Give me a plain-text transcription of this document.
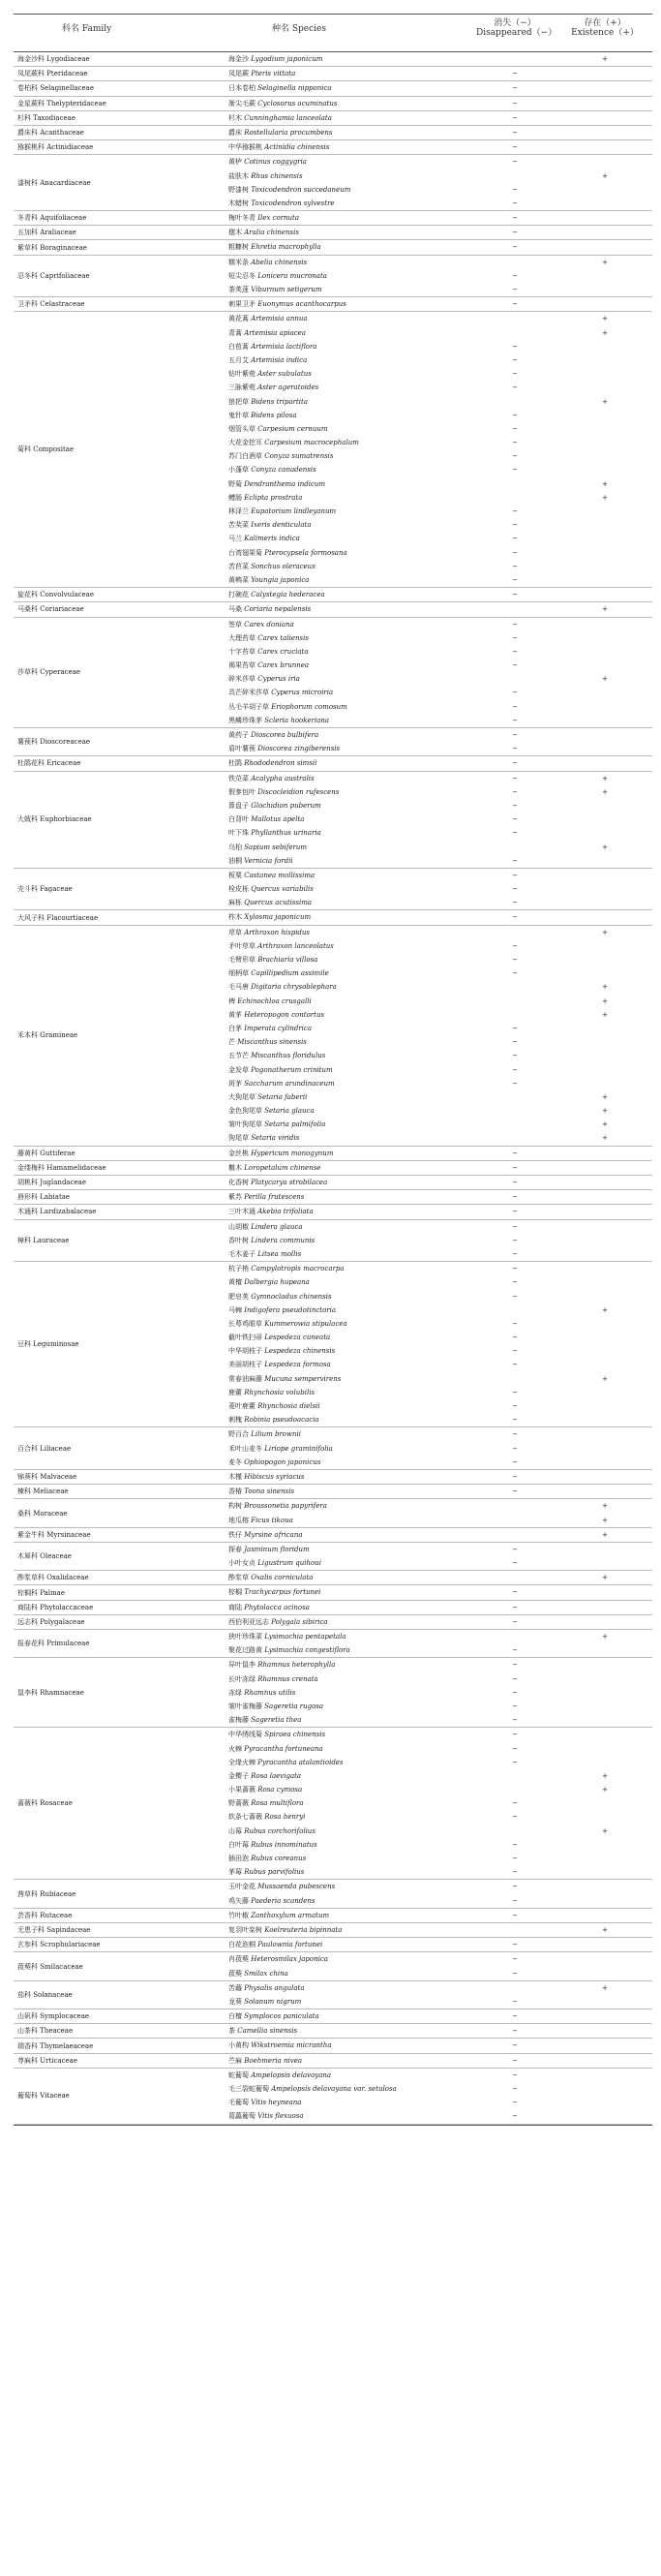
科名 Family	种名 Species
消失（−）
Disappeared（−）
存在（+）
Existence（+）
海金沙科 Lygodiaceae	海金沙 Lygodium japonicum	+
凤尾蕨科 Pteridaceae	凤尾蕨 Pteris vittata	−
卷柏科 Selaginellaceae	日本卷柏 Selaginella nipponica	−
金星蕨科 Thelypteridaceae	渐尖毛蕨 Cyclosorus acuminatus	−
杉科 Taxodiaceae	杉木 Cunninghamia lanceolata	−
爵床科 Acanthaceae	爵床 Rostellularia procumbens	−
猕猴桃科 Actinidiaceae	中华猕猴桃 Actinidia chinensis	−
漆树科 Anacardiaceae
黄栌 Cotinus coggygria	−
盐肤木 Rhus chinensis	+
野漆树 Toxicodendron succedaneum	−
木蜡树 Toxicodendron sylvestre	−
冬青科 Aquifoliaceae	梅叶冬青 Ilex cornuta	−
五加科 Araliaceae	楤木 Aralia chinensis	−
紫草科 Boraginaceae	粗糠树 Ehretia macrophylla	−
忍冬科 Caprifoliaceae
糯米条 Abelia chinensis	+
短尖忍冬 Lonicera mucronata	−
茶荚蒾 Viburnum setigerum	−
卫矛科 Celastraceae	刺果卫矛 Euonymus acanthocarpus	−
菊科 Compositae
黄花蒿 Artemisia annua	+
青蒿 Artemisia apiacea	+
白苞蒿 Artemisia lactiflora	−
五月艾 Artemisia indica	−
钻叶紫菀 Aster subulatus	−
三脉紫菀 Aster ageratoides	−
狼把草 Bidens tripartita	+
鬼针草 Bidens pilosa	−
烟管头草 Carpesium cernuum	−
大花金挖耳 Carpesium macrocephalum	−
苏门白酒草 Conyza sumatrensis	−
小蓬草 Conyza canadensis	−
野菊 Dendranthema indicum	+
鳢肠 Eclipta prostrata	+
林泽兰 Eupatorium lindleyanum	−
苦荬菜 Ixeris denticulata	−
马兰 Kalimeris indica	−
台湾翅果菊 Pterocypsela formosana	−
苦苣菜 Sonchus oleraceus	−
黄鹌菜 Youngia japonica	−
旋花科 Convolvulaceae	打碗花 Calystegia hederacea	−
马桑科 Coriariaceae	马桑 Coriaria nepalensis	+
莎草科 Cyperaceae
签草 Carex doniana	−
大理苔草 Carex taliensis	−
十字苔草 Carex cruciata	−
褐果苔草 Carex brunnea	−
碎米莎草 Cyperus iria	+
具芒碎米莎草 Cyperus microiria	−
丛毛羊胡子草 Eriophorum comosum	−
黑鳞珍珠茅 Scleria hookeriana	−
薯蓣科 Dioscoreaceae
黄药子 Dioscorea bulbifera	−
盾叶薯蓣 Dioscorea zingiberensis	−
杜鹃花科 Ericaceae	杜鹃 Rhododendron simsii	−
大戟科 Euphorbiaceae
铁苋菜 Acalypha australis	−	+
假奓包叶 Discocleidion rufescens	−	+
算盘子 Glochidion puberum	−
白背叶 Mallotus apelta	−
叶下珠 Phyllanthus urinaria	−
乌桕 Sapium sebiferum	+
油桐 Vernicia fordii	−
壳斗科 Fagaceae
板栗 Castanea mollissima	−
栓皮栎 Quercus variabilis	−
麻栎 Quercus acutissima	−
大风子科 Flacourtiaceae	柞木 Xylosma japonicum	−
禾本科 Gramineae
荩草 Arthraxon hispidus	+
矛叶荩草 Arthraxon lanceolatus	−
毛臂形草 Brachiaria villosa	−
细柄草 Capillipedium assimile	−
毛马唐 Digitaria chrysoblephara	+
稗 Echinochloa crusgalli	+
黄茅 Heteropogon contortus	+
白茅 Imperata cylindrica	−
芒 Miscanthus sinensis	−
五节芒 Miscanthus floridulus	−
金发草 Pogonatherum crinitum	−
斑茅 Saccharum arundinaceum	−
大狗尾草 Setaria faberii	+
金色狗尾草 Setaria glauca	+
皱叶狗尾草 Setaria palmifolia	+
狗尾草 Setaria viridis	+
藤黄科 Guttiferae	金丝桃 Hypericum monogynum	−
金缕梅科 Hamamelidaceae	檵木 Loropetalum chinense	−
胡桃科 Juglandaceae	化香树 Platycarya strobilacea	−
唇形科 Labiatae	紫苏 Perilla frutescens	−
木通科 Lardizabalaceae	三叶木通 Akebia trifoliata	−
樟科 Lauraceae
山胡椒 Lindera glauca	−
香叶树 Lindera communis	−
毛木姜子 Litsea mollis	−
豆科 Leguminosae
杭子梢 Campylotropis macrocarpa	−
黄檀 Dalbergia hupeana	−
肥皂荚 Gymnocladus chinensis	−
马棘 Indigofera pseudotinctoria	+
长萼鸡眼草 Kummerowia stipulacea	−
截叶铁扫帚 Lespedeza cuneata	−
中华胡枝子 Lespedeza chinensis	−
美丽胡枝子 Lespedeza formosa	−
常春油麻藤 Mucuna sempervirens	+
鹿藿 Rhynchosia volubilis	−
菱叶鹿藿 Rhynchosia dielsii	−
刺槐 Robinia pseudoacacia	−
百合科 Liliaceae
野百合 Lilium brownii	−
禾叶山麦冬 Liriope graminifolia	−
麦冬 Ophiopogon japonicus	−
锦葵科 Malvaceae	木槿 Hibiscus syriacus	−
楝科 Meliaceae	香椿 Toona sinensis	−
桑科 Moraceae
构树 Broussonetia papyrifera	+
地瓜榕 Ficus tikoua	+
紫金牛科 Myrsinaceae	铁仔 Myrsine africana	+
木犀科 Oleaceae
探春 Jasminum floridum	−
小叶女贞 Ligustrum quihoui	−
酢浆草科 Oxalidaceae	酢浆草 Oxalis corniculata	+
棕榈科 Palmae	棕榈 Trachycarpus fortunei	−
商陆科 Phytolaccaceae	商陆 Phytolacca acinosa	−
远志科 Polygalaceae	西伯利亚远志 Polygala sibirica	−
报春花科 Primulaceae
狭叶珍珠菜 Lysimachia pentapetala	+
聚花过路黄 Lysimachia congestiflora	−
鼠李科 Rhamnaceae
异叶鼠李 Rhamnus heterophylla	−
长叶冻绿 Rhamnus crenata	−
冻绿 Rhamnus utilis	−
皱叶雀梅藤 Sageretia rugosa	−
雀梅藤 Sageretia thea	−
蔷薇科 Rosaceae
中华绣线菊 Spiraea chinensis	−
火棘 Pyracantha fortuneana	−
全缘火棘 Pyracantha atalantioides	−
金樱子 Rosa laevigata	+
小果蔷薇 Rosa cymosa	+
野蔷薇 Rosa multiflora	−
软条七蔷薇 Rosa henryi	−
山莓 Rubus corchorifolius	+
白叶莓 Rubus innominatus	−
插田泡 Rubus coreanus	−
茅莓 Rubus parvifolius	−
茜草科 Rubiaceae
玉叶金花 Mussaenda pubescens	−
鸡矢藤 Paederia scandens	−
芸香科 Rutaceae	竹叶椒 Zanthoxylum armatum	−
无患子科 Sapindaceae	复羽叶栾树 Koelreuteria bipinnata	+
玄参科 Scrophulariaceae	白花泡桐 Paulownia fortunei	−
菝葜科 Smilacaceae
肖菝葜 Heterosmilax japonica	−
菝葜 Smilax china	−
茄科 Solanaceae
苦蘵 Physalis angulata	+
龙葵 Solanum nigrum	−
山矾科 Symplocaceae	白檀 Symplocos paniculata	−
山茶科 Theaceae	茶 Camellia sinensis	−
瑞香科 Thymelaeaceae	小黄构 Wikstroemia micrantha	−
荨麻科 Urticaceae	苎麻 Boehmeria nivea	−
葡萄科 Vitaceae
蛇葡萄 Ampelopsis delavayana	−
毛三裂蛇葡萄 Ampelopsis delavayana var. setulosa	−
毛葡萄 Vitis heyneana	−
葛藟葡萄 Vitis flexuosa	−
